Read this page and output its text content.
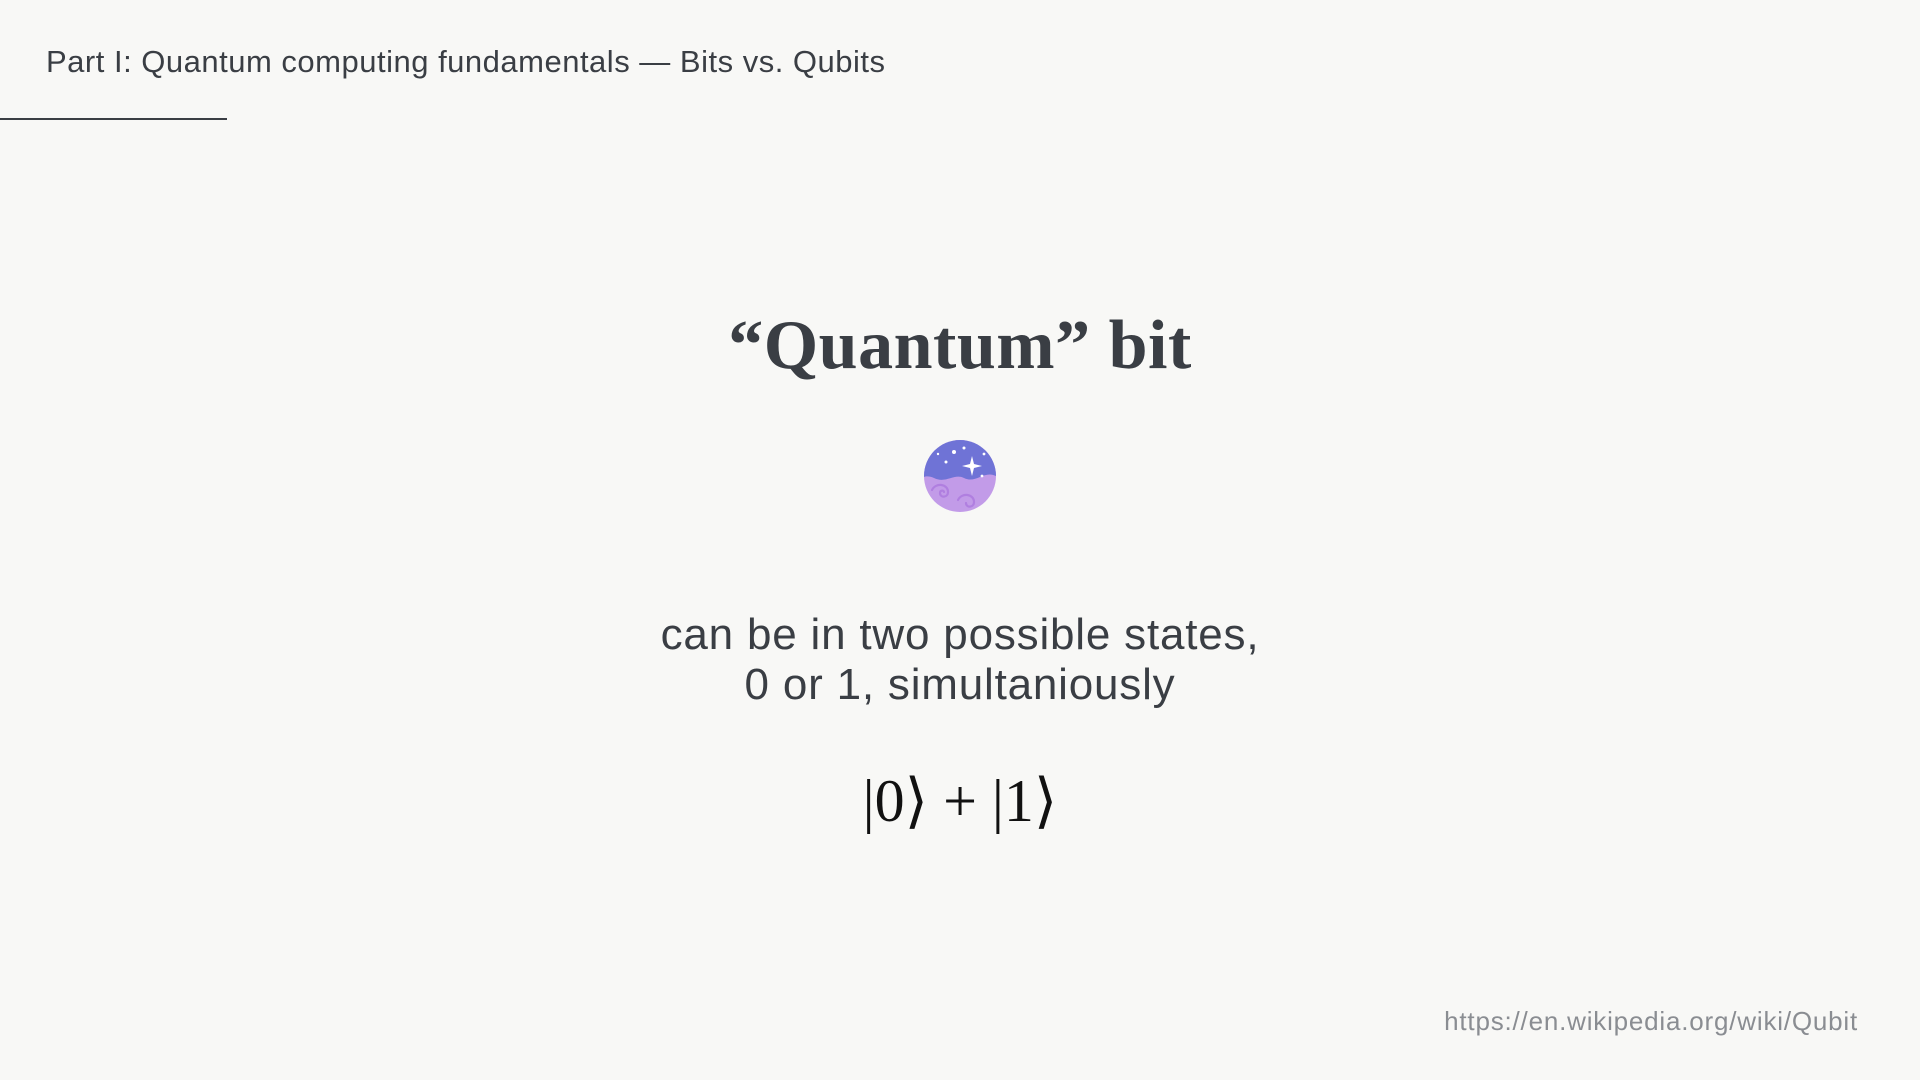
Part I: Quantum computing fundamentals — Bits vs. Qubits
“Quantum” bit
can be in two possible states,
0 or 1, simultaniously
|0⟩ + |1⟩
https://en.wikipedia.org/wiki/Qubit
